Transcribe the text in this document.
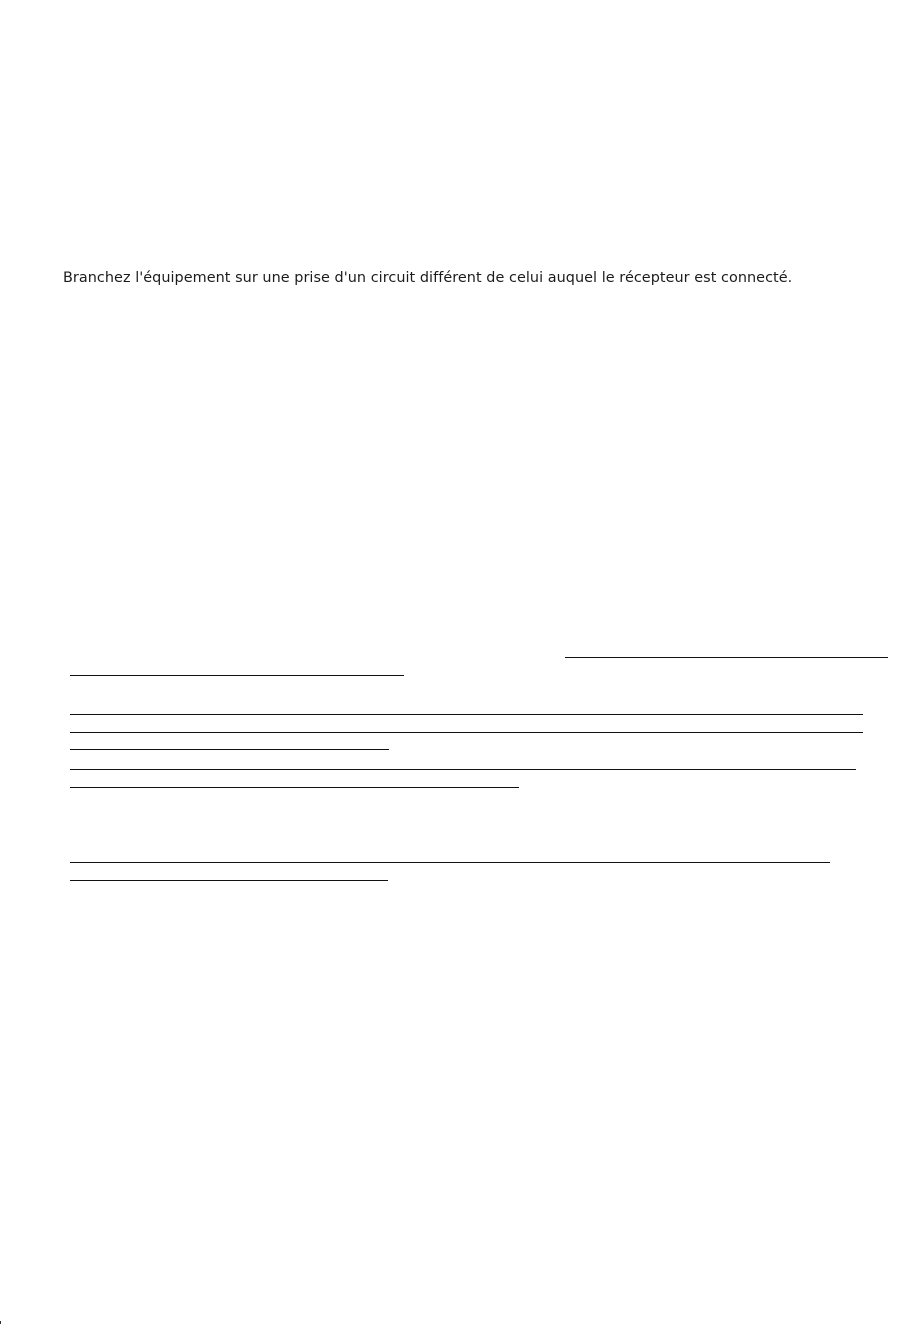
Branchez l'équipement sur une prise d'un circuit différent de celui auquel le récepteur est connecté.
